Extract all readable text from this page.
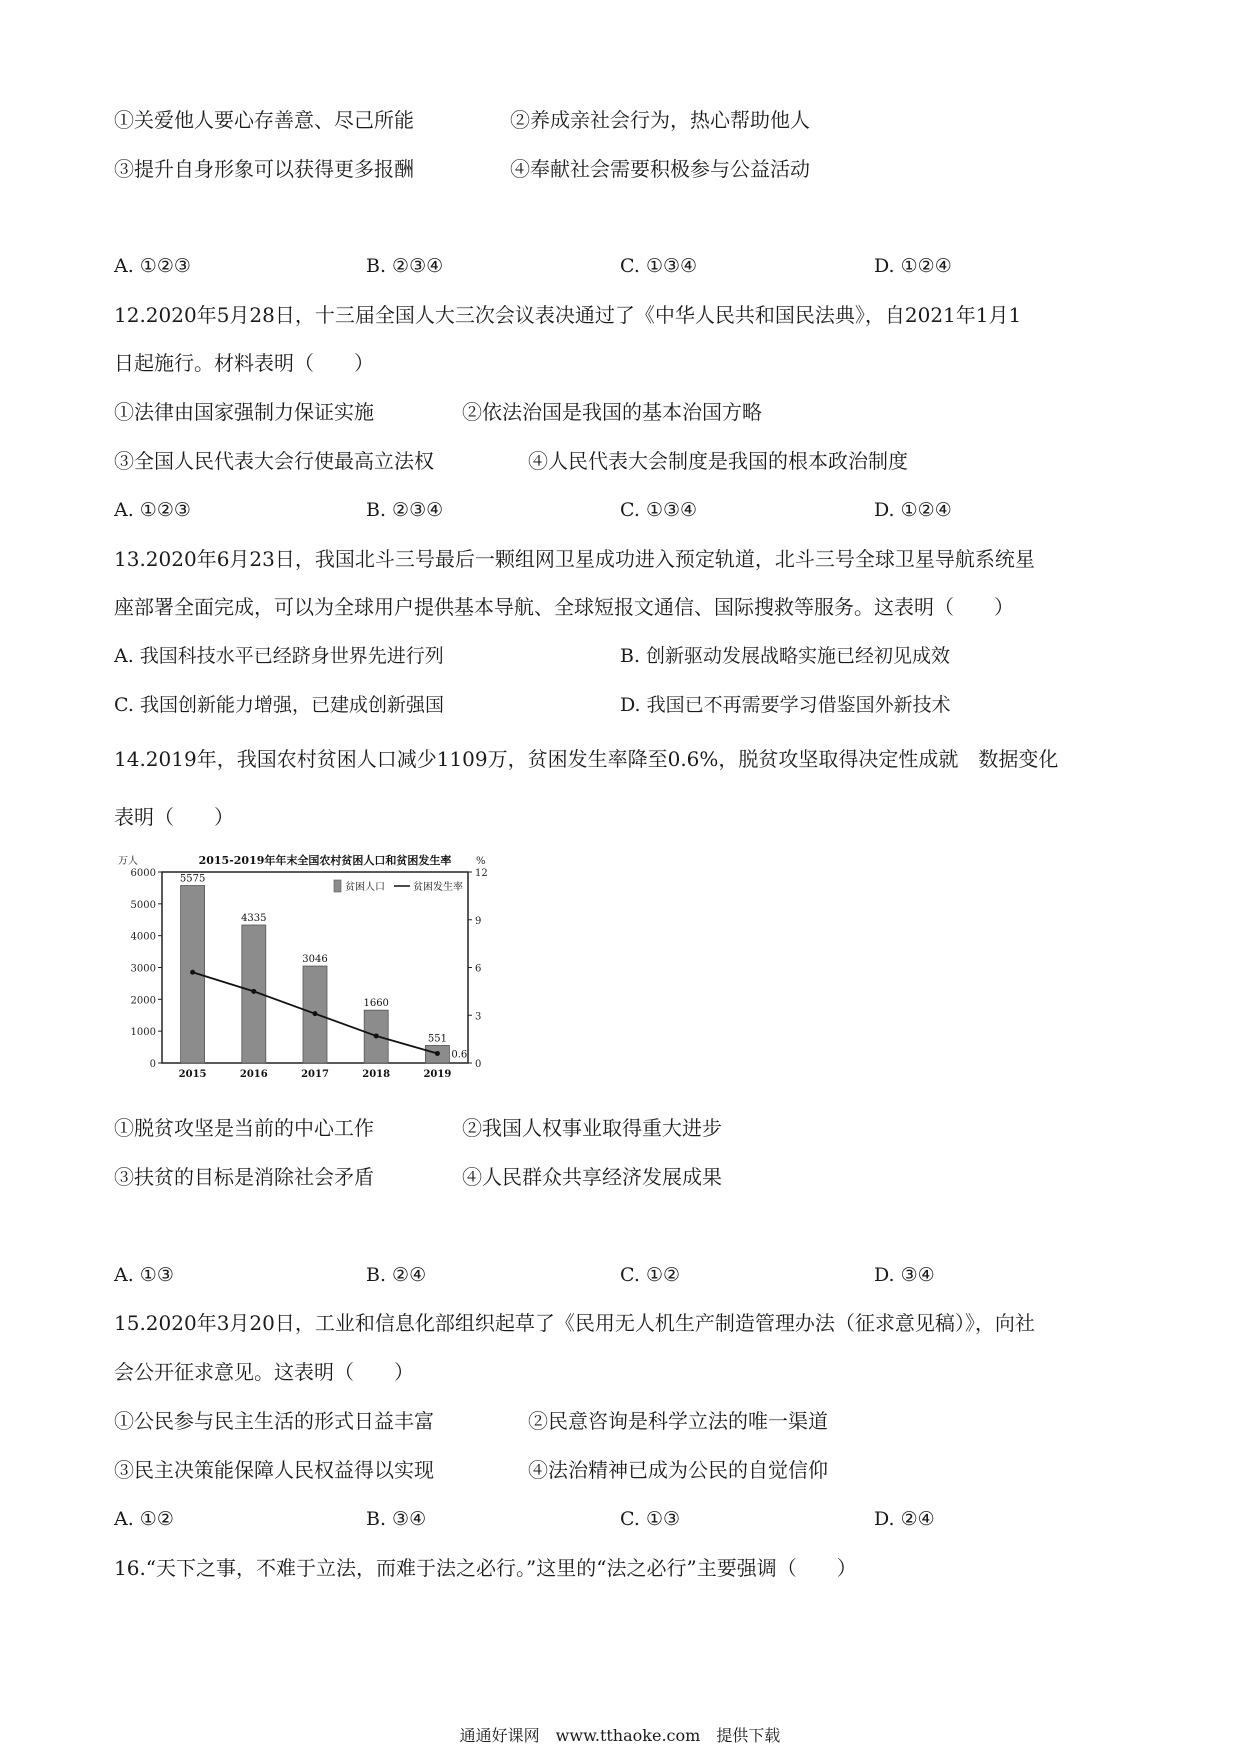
①关爱他人要心存善意、尽己所能	②养成亲社会行为，热心帮助他人
③提升自身形象可以获得更多报酬	④奉献社会需要积极参与公益活动
A. ①②③	B. ②③④	C. ①③④	D. ①②④
12.2020年5月28日，十三届全国人大三次会议表决通过了《中华人民共和国民法典》，自2021年1月1
日起施行。材料表明（　　）
①法律由国家强制力保证实施	②依法治国是我国的基本治国方略
③全国人民代表大会行使最高立法权	④人民代表大会制度是我国的根本政治制度
A. ①②③	B. ②③④	C. ①③④	D. ①②④
13.2020年6月23日，我国北斗三号最后一颗组网卫星成功进入预定轨道，北斗三号全球卫星导航系统星
座部署全面完成，可以为全球用户提供基本导航、全球短报文通信、国际搜救等服务。这表明（　　）
A. 我国科技水平已经跻身世界先进行列	B. 创新驱动发展战略实施已经初见成效
C. 我国创新能力增强，已建成创新强国	D. 我国已不再需要学习借鉴国外新技术
14.2019年，我国农村贫困人口减少1109万，贫困发生率降至0.6%，脱贫攻坚取得决定性成就　数据变化
表明（　　）
2015-2019年年末全国农村贫困人口和贫困发生率
万人	%
0
1000
2000
3000
4000
5000
6000
0
3
6
9
12
5575
2015
4335
2016
3046
2017
1660
2018
551
2019
0.6
贫困人口	贫困发生率
①脱贫攻坚是当前的中心工作	②我国人权事业取得重大进步
③扶贫的目标是消除社会矛盾	④人民群众共享经济发展成果
A. ①③	B. ②④	C. ①②	D. ③④
15.2020年3月20日，工业和信息化部组织起草了《民用无人机生产制造管理办法（征求意见稿）》，向社
会公开征求意见。这表明（　　）
①公民参与民主生活的形式日益丰富	②民意咨询是科学立法的唯一渠道
③民主决策能保障人民权益得以实现	④法治精神已成为公民的自觉信仰
A. ①②	B. ③④	C. ①③	D. ②④
16.“天下之事，不难于立法，而难于法之必行。”这里的“法之必行”主要强调（　　）
通通好课网　www.tthaoke.com　提供下载
